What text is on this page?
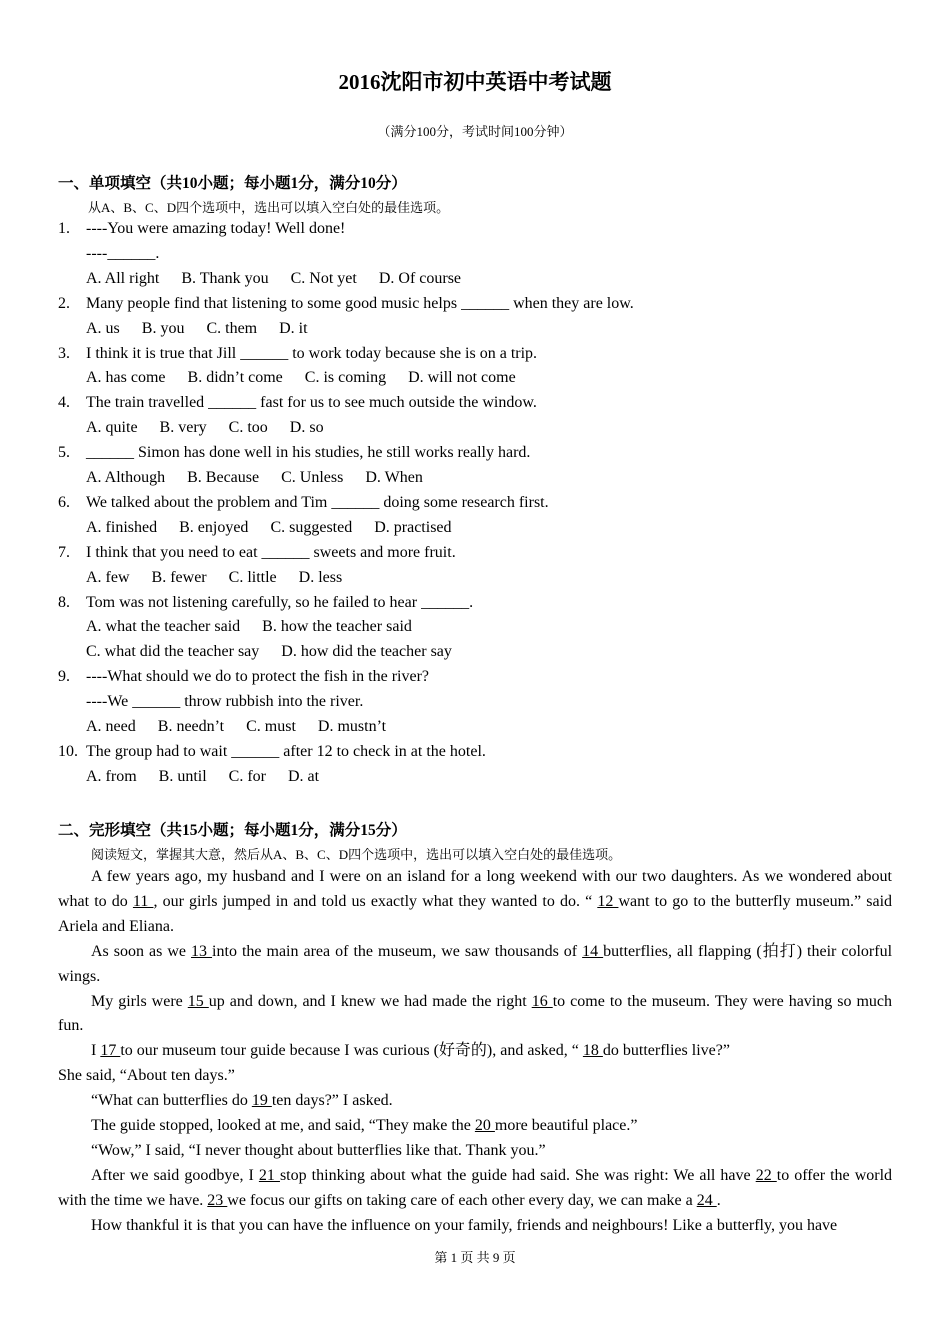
2016沈阳市初中英语中考试题
（满分100分，考试时间100分钟）
一、单项填空（共10小题；每小题1分，满分10分）
从A、B、C、D四个选项中，选出可以填入空白处的最佳选项。
1.	----You were amazing today! Well done!
----______.
A. All right B. Thank you C. Not yet D. Of course
2.	Many people find that listening to some good music helps ______ when they are low.
A. us B. you C. them D. it
3.	I think it is true that Jill ______ to work today because she is on a trip.
A. has come B. didn’t come C. is coming D. will not come
4.	The train travelled ______ fast for us to see much outside the window.
A. quite B. very C. too D. so
5.	______ Simon has done well in his studies, he still works really hard.
A. Although B. Because C. Unless D. When
6.	We talked about the problem and Tim ______ doing some research first.
A. finished B. enjoyed C. suggested D. practised
7.	I think that you need to eat ______ sweets and more fruit.
A. few B. fewer C. little D. less
8.	Tom was not listening carefully, so he failed to hear ______.
A. what the teacher said B. how the teacher said
C. what did the teacher say D. how did the teacher say
9.	----What should we do to protect the fish in the river?
----We ______ throw rubbish into the river.
A. need B. needn’t C. must D. mustn’t
10. The group had to wait ______ after 12 to check in at the hotel.
A. from B. until C. for D. at
二、完形填空（共15小题；每小题1分，满分15分）
阅读短文，掌握其大意，然后从A、B、C、D四个选项中，选出可以填入空白处的最佳选项。

A few years ago, my husband and I were on an island for a long weekend with our two daughters. As we wondered about what to do 11 , our girls jumped in and told us exactly what they wanted to do. “ 12 want to go to the butterfly museum.” said Ariela and Eliana.

As soon as we 13 into the main area of the museum, we saw thousands of 14 butterflies, all flapping (拍打) their colorful wings.

My girls were 15 up and down, and I knew we had made the right 16 to come to the museum. They were having so much fun.

I 17 to our museum tour guide because I was curious (好奇的), and asked, “ 18 do butterflies live?”

She said, “About ten days.”

“What can butterflies do 19 ten days?” I asked.

The guide stopped, looked at me, and said, “They make the 20 more beautiful place.”

“Wow,” I said, “I never thought about butterflies like that. Thank you.”

After we said goodbye, I 21 stop thinking about what the guide had said. She was right: We all have 22 to offer the world with the time we have. 23 we focus our gifts on taking care of each other every day, we can make a 24 .

How thankful it is that you can have the influence on your family, friends and neighbours! Like a butterfly, you have

第 1 页 共 9 页
